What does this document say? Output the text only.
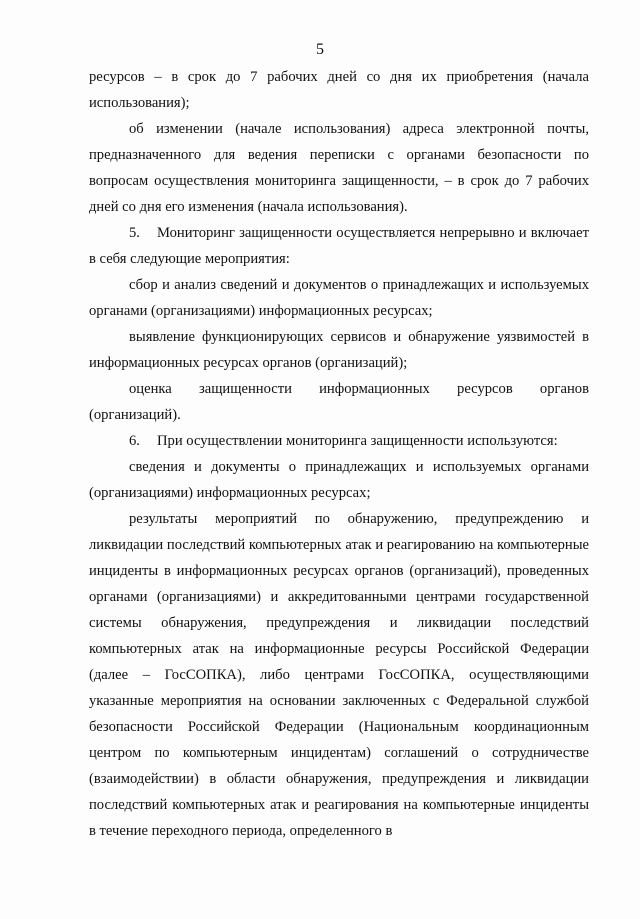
5

ресурсов – в срок до 7 рабочих дней со дня их приобретения (начала использования);

об изменении (начале использования) адреса электронной почты, предназначенного для ведения переписки с органами безопасности по вопросам осуществления мониторинга защищенности, – в срок до 7 рабочих дней со дня его изменения (начала использования).

5. Мониторинг защищенности осуществляется непрерывно и включает в себя следующие мероприятия:

сбор и анализ сведений и документов о принадлежащих и используемых органами (организациями) информационных ресурсах;

выявление функционирующих сервисов и обнаружение уязвимостей в информационных ресурсах органов (организаций);

оценка защищенности информационных ресурсов органов (организаций).

6. При осуществлении мониторинга защищенности используются:

сведения и документы о принадлежащих и используемых органами (организациями) информационных ресурсах;

результаты мероприятий по обнаружению, предупреждению и ликвидации последствий компьютерных атак и реагированию на компьютерные инциденты в информационных ресурсах органов (организаций), проведенных органами (организациями) и аккредитованными центрами государственной системы обнаружения, предупреждения и ликвидации последствий компьютерных атак на информационные ресурсы Российской Федерации (далее – ГосСОПКА), либо центрами ГосСОПКА, осуществляющими указанные мероприятия на основании заключенных с Федеральной службой безопасности Российской Федерации (Национальным координационным центром по компьютерным инцидентам) соглашений о сотрудничестве (взаимодействии) в области обнаружения, предупреждения и ликвидации последствий компьютерных атак и реагирования на компьютерные инциденты в течение переходного периода, определенного в
